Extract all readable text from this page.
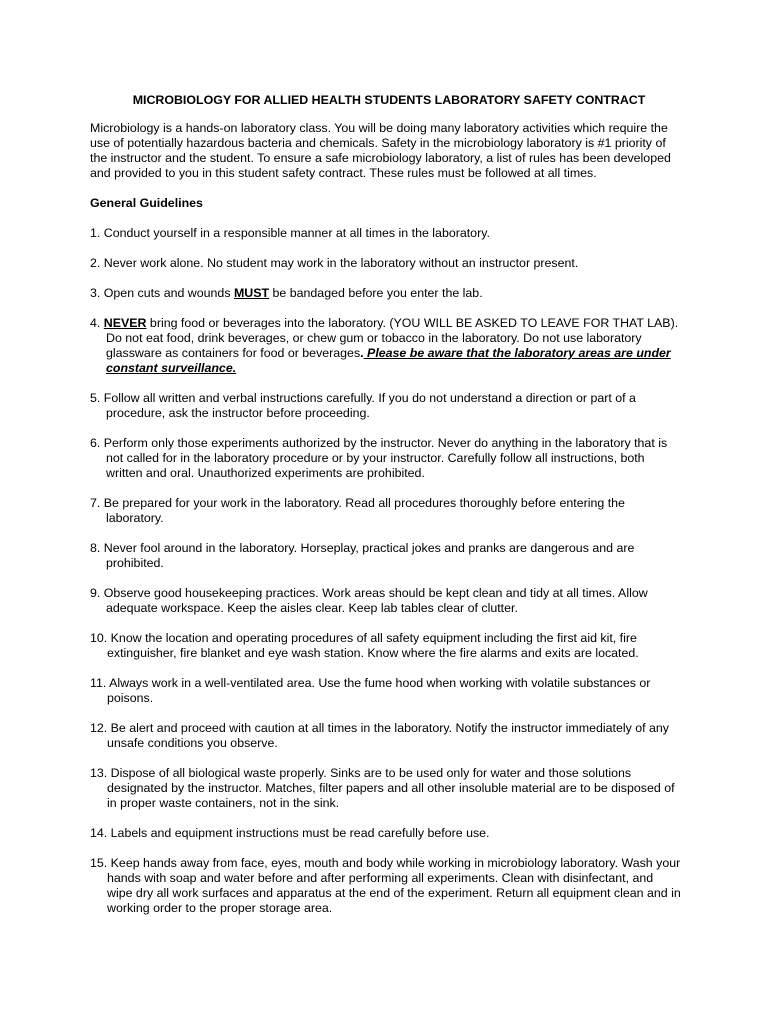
MICROBIOLOGY FOR ALLIED HEALTH STUDENTS LABORATORY SAFETY CONTRACT
Microbiology is a hands-on laboratory class. You will be doing many laboratory activities which require the use of potentially hazardous bacteria and chemicals. Safety in the microbiology laboratory is #1 priority of the instructor and the student. To ensure a safe microbiology laboratory, a list of rules has been developed and provided to you in this student safety contract. These rules must be followed at all times.
General Guidelines
1. Conduct yourself in a responsible manner at all times in the laboratory.
2. Never work alone. No student may work in the laboratory without an instructor present.
3. Open cuts and wounds MUST be bandaged before you enter the lab.
4. NEVER bring food or beverages into the laboratory. (YOU WILL BE ASKED TO LEAVE FOR THAT LAB). Do not eat food, drink beverages, or chew gum or tobacco in the laboratory. Do not use laboratory glassware as containers for food or beverages. Please be aware that the laboratory areas are under constant surveillance.
5. Follow all written and verbal instructions carefully. If you do not understand a direction or part of a procedure, ask the instructor before proceeding.
6. Perform only those experiments authorized by the instructor. Never do anything in the laboratory that is not called for in the laboratory procedure or by your instructor. Carefully follow all instructions, both written and oral. Unauthorized experiments are prohibited.
7. Be prepared for your work in the laboratory. Read all procedures thoroughly before entering the laboratory.
8. Never fool around in the laboratory. Horseplay, practical jokes and pranks are dangerous and are prohibited.
9. Observe good housekeeping practices. Work areas should be kept clean and tidy at all times. Allow adequate workspace. Keep the aisles clear. Keep lab tables clear of clutter.
10. Know the location and operating procedures of all safety equipment including the first aid kit, fire extinguisher, fire blanket and eye wash station. Know where the fire alarms and exits are located.
11. Always work in a well-ventilated area. Use the fume hood when working with volatile substances or poisons.
12. Be alert and proceed with caution at all times in the laboratory. Notify the instructor immediately of any unsafe conditions you observe.
13. Dispose of all biological waste properly. Sinks are to be used only for water and those solutions designated by the instructor. Matches, filter papers and all other insoluble material are to be disposed of in proper waste containers, not in the sink.
14. Labels and equipment instructions must be read carefully before use.
15. Keep hands away from face, eyes, mouth and body while working in microbiology laboratory. Wash your hands with soap and water before and after performing all experiments. Clean with disinfectant, and wipe dry all work surfaces and apparatus at the end of the experiment. Return all equipment clean and in working order to the proper storage area.
